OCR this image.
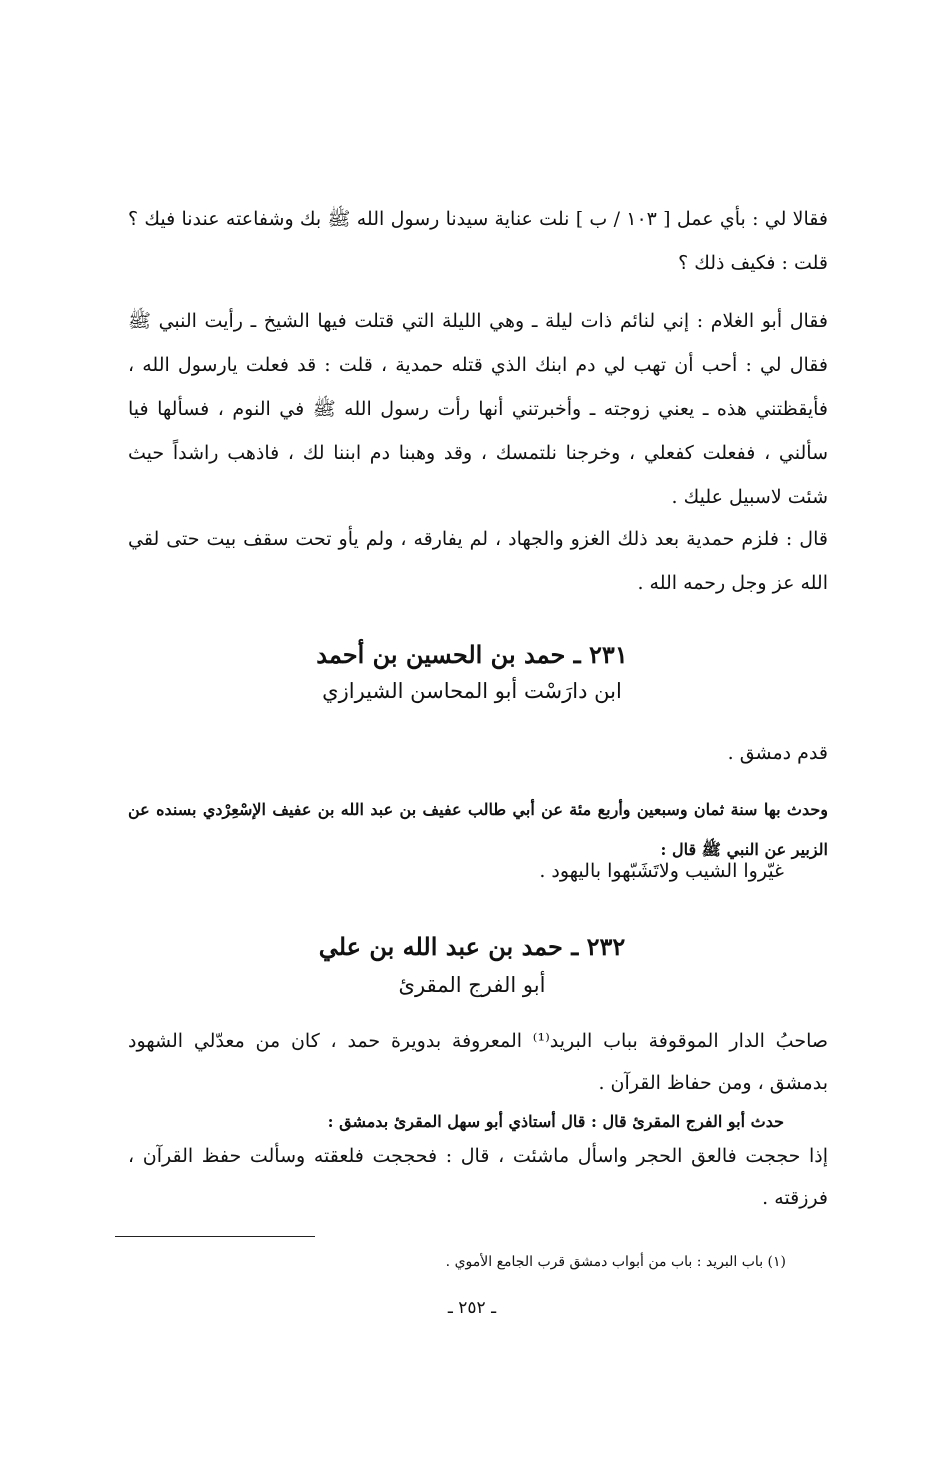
فقالا لي : بأي عمل [ ١٠٣ / ب ] نلت عناية سيدنا رسول الله ﷺ بك وشفاعته عندنا فيك ؟ قلت : فكيف ذلك ؟

فقال أبو الغلام : إني لنائم ذات ليلة ـ وهي الليلة التي قتلت فيها الشيخ ـ رأيت النبي ﷺ فقال لي : أحب أن تهب لي دم ابنك الذي قتله حمدية ، قلت : قد فعلت يارسول الله ، فأيقظتني هذه ـ يعني زوجته ـ وأخبرتني أنها رأت رسول الله ﷺ في النوم ، فسألها فيا سألني ، ففعلت كفعلي ، وخرجنا نلتمسك ، وقد وهبنا دم ابننا لك ، فاذهب راشداً حيث شئت لاسبيل عليك .

قال : فلزم حمدية بعد ذلك الغزو والجهاد ، لم يفارقه ، ولم يأو تحت سقف بيت حتى لقي الله عز وجل رحمه الله .

٢٣١ ـ حمد بن الحسين بن أحمد
ابن دارَسْت أبو المحاسن الشيرازي

قدم دمشق .

وحدث بها سنة ثمان وسبعين وأربع مئة عن أبي طالب عفيف بن عبد الله بن عفيف الإسْعِرْدي بسنده عن الزبير عن النبي ﷺ قال :

غيّروا الشيب ولاتَشَبّهوا باليهود .

٢٣٢ ـ حمد بن عبد الله بن علي
أبو الفرج المقرئ

صاحبُ الدار الموقوفة بباب البريد⁽¹⁾ المعروفة بدويرة حمد ، كان من معدّلي الشهود بدمشق ، ومن حفاظ القرآن .

حدث أبو الفرج المقرئ قال : قال أستاذي أبو سهل المقرئ بدمشق :

إذا حججت فالعق الحجر واسأل ماشئت ، قال : فحججت فلعقته وسألت حفظ القرآن ، فرزقته .

(١) باب البريد : باب من أبواب دمشق قرب الجامع الأموي .

ـ ٢٥٢ ـ
